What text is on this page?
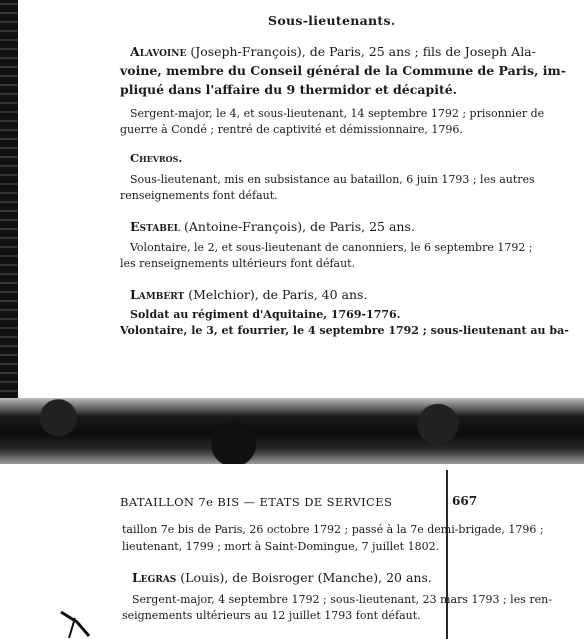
Sous-lieutenants.

Alavoine (Joseph-François), de Paris, 25 ans ; fils de Joseph Ala-

voine, membre du Conseil général de la Commune de Paris, im-

pliqué dans l'affaire du 9 thermidor et décapité.

Sergent-major, le 4, et sous-lieutenant, 14 septembre 1792 ; prisonnier de

guerre à Condé ; rentré de captivité et démissionnaire, 1796.

Chevros.

Sous-lieutenant, mis en subsistance au bataillon, 6 juin 1793 ; les autres

renseignements font défaut.

Estabel (Antoine-François), de Paris, 25 ans.

Volontaire, le 2, et sous-lieutenant de canonniers, le 6 septembre 1792 ;

les renseignements ultérieurs font défaut.

Lambert (Melchior), de Paris, 40 ans.

Soldat au régiment d'Aquitaine, 1769-1776.

Volontaire, le 3, et fourrier, le 4 septembre 1792 ; sous-lieutenant au ba-

BATAILLON 7e BIS — ETATS DE SERVICES	667

taillon 7e bis de Paris, 26 octobre 1792 ; passé à la 7e demi-brigade, 1796 ;

lieutenant, 1799 ; mort à Saint-Domingue, 7 juillet 1802.

Legras (Louis), de Boisroger (Manche), 20 ans.

Sergent-major, 4 septembre 1792 ; sous-lieutenant, 23 mars 1793 ; les ren-

seignements ultérieurs au 12 juillet 1793 font défaut.
